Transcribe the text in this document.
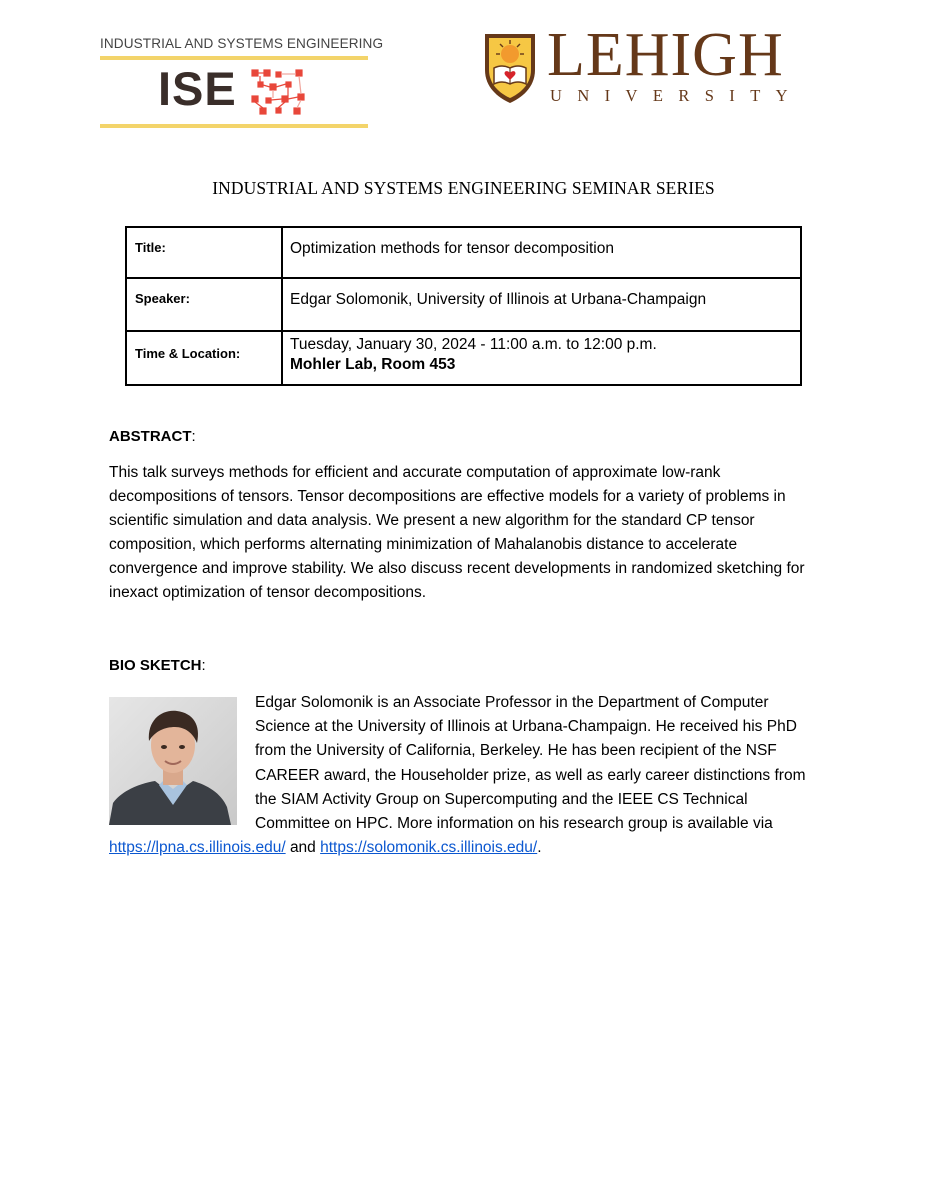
INDUSTRIAL AND SYSTEMS ENGINEERING
ISE	LEHIGH
UNIVERSITY
INDUSTRIAL AND SYSTEMS ENGINEERING SEMINAR SERIES
Title:	Optimization methods for tensor decomposition
Speaker:	Edgar Solomonik, University of Illinois at Urbana-Champaign
Time & Location:	Tuesday, January 30, 2024 - 11:00 a.m. to 12:00 p.m.
Mohler Lab, Room 453
ABSTRACT:
This talk surveys methods for efficient and accurate computation of approximate low-rank decompositions of tensors. Tensor decompositions are effective models for a variety of problems in scientific simulation and data analysis. We present a new algorithm for the standard CP tensor composition, which performs alternating minimization of Mahalanobis distance to accelerate convergence and improve stability. We also discuss recent developments in randomized sketching for inexact optimization of tensor decompositions.
BIO SKETCH:
Edgar Solomonik is an Associate Professor in the Department of Computer Science at the University of Illinois at Urbana-Champaign. He received his PhD from the University of California, Berkeley. He has been recipient of the NSF CAREER award, the Householder prize, as well as early career distinctions from the SIAM Activity Group on Supercomputing and the IEEE CS Technical Committee on HPC. More information on his research group is available via https://lpna.cs.illinois.edu/ and https://solomonik.cs.illinois.edu/.
